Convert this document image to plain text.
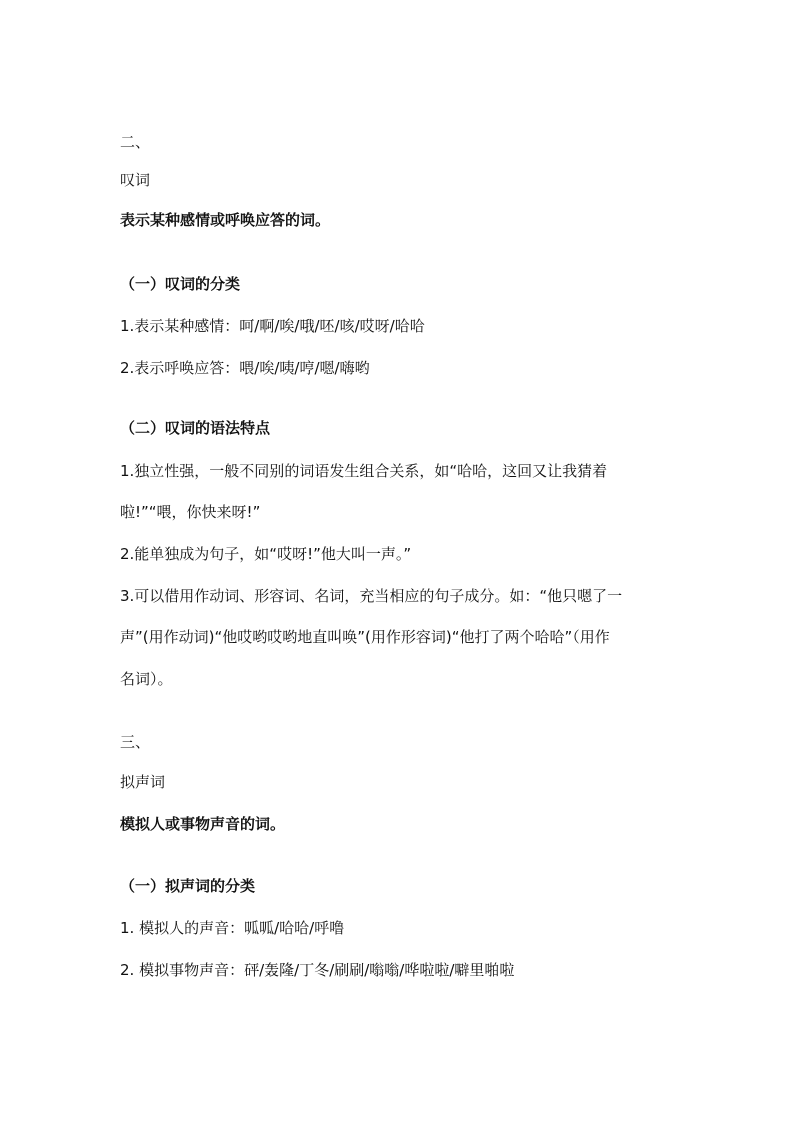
二、
叹词
表示某种感情或呼唤应答的词。
（一）叹词的分类
1.表示某种感情：呵/啊/唉/哦/呸/咳/哎呀/哈哈
2.表示呼唤应答：喂/唉/咦/哼/嗯/嗨哟
（二）叹词的语法特点
1.独立性强，一般不同别的词语发生组合关系，如“哈哈，这回又让我猜着
啦!”“喂，你快来呀!”
2.能单独成为句子，如“哎呀!”他大叫一声。”
3.可以借用作动词、形容词、名词，充当相应的句子成分。如：“他只嗯了一
声”(用作动词)“他哎哟哎哟地直叫唤”(用作形容词)“他打了两个哈哈”（用作
名词）。
三、
拟声词
模拟人或事物声音的词。
（一）拟声词的分类
1. 模拟人的声音：呱呱/哈哈/呼噜
2. 模拟事物声音：砰/轰隆/丁冬/刷刷/嗡嗡/哗啦啦/噼里啪啦
